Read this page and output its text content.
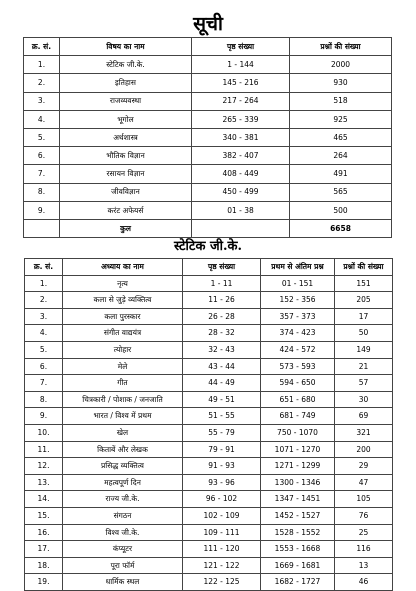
सूची
क्र. सं.	विषय का नाम	पृष्ठ संख्या	प्रश्नों की संख्या
1.	स्टेटिक जी.के.	1 - 144	2000
2.	इतिहास	145 - 216	930
3.	राजव्यवस्था	217 - 264	518
4.	भूगोल	265 - 339	925
5.	अर्थशास्त्र	340 - 381	465
6.	भौतिक विज्ञान	382 - 407	264
7.	रसायन विज्ञान	408 - 449	491
8.	जीवविज्ञान	450 - 499	565
9.	करंट अफेयर्स	01 - 38	500
	कुल		6658
स्टेटिक जी.के.
क्र. सं.	अध्याय का नाम	पृष्ठ संख्या	प्रथम से अंतिम प्रश्न	प्रश्नों की संख्या
1.	नृत्य	1 - 11	01 - 151	151
2.	कला से जुड़े व्यक्तित्व	11 - 26	152 - 356	205
3.	कला पुरस्कार	26 - 28	357 - 373	17
4.	संगीत वाद्ययंत्र	28 - 32	374 - 423	50
5.	त्योहार	32 - 43	424 - 572	149
6.	मेले	43 - 44	573 - 593	21
7.	गीत	44 - 49	594 - 650	57
8.	चित्रकारी / पोशाक / जनजाति	49 - 51	651 - 680	30
9.	भारत / विश्व में प्रथम	51 - 55	681 - 749	69
10.	खेल	55 - 79	750 - 1070	321
11.	किताबें और लेखक	79 - 91	1071 - 1270	200
12.	प्रसिद्ध व्यक्तित्व	91 - 93	1271 - 1299	29
13.	महत्वपूर्ण दिन	93 - 96	1300 - 1346	47
14.	राज्य जी.के.	96 - 102	1347 - 1451	105
15.	संगठन	102 - 109	1452 - 1527	76
16.	विश्व जी.के.	109 - 111	1528 - 1552	25
17.	कंप्यूटर	111 - 120	1553 - 1668	116
18.	पूरा फॉर्म	121 - 122	1669 - 1681	13
19.	धार्मिक स्थल	122 - 125	1682 - 1727	46
